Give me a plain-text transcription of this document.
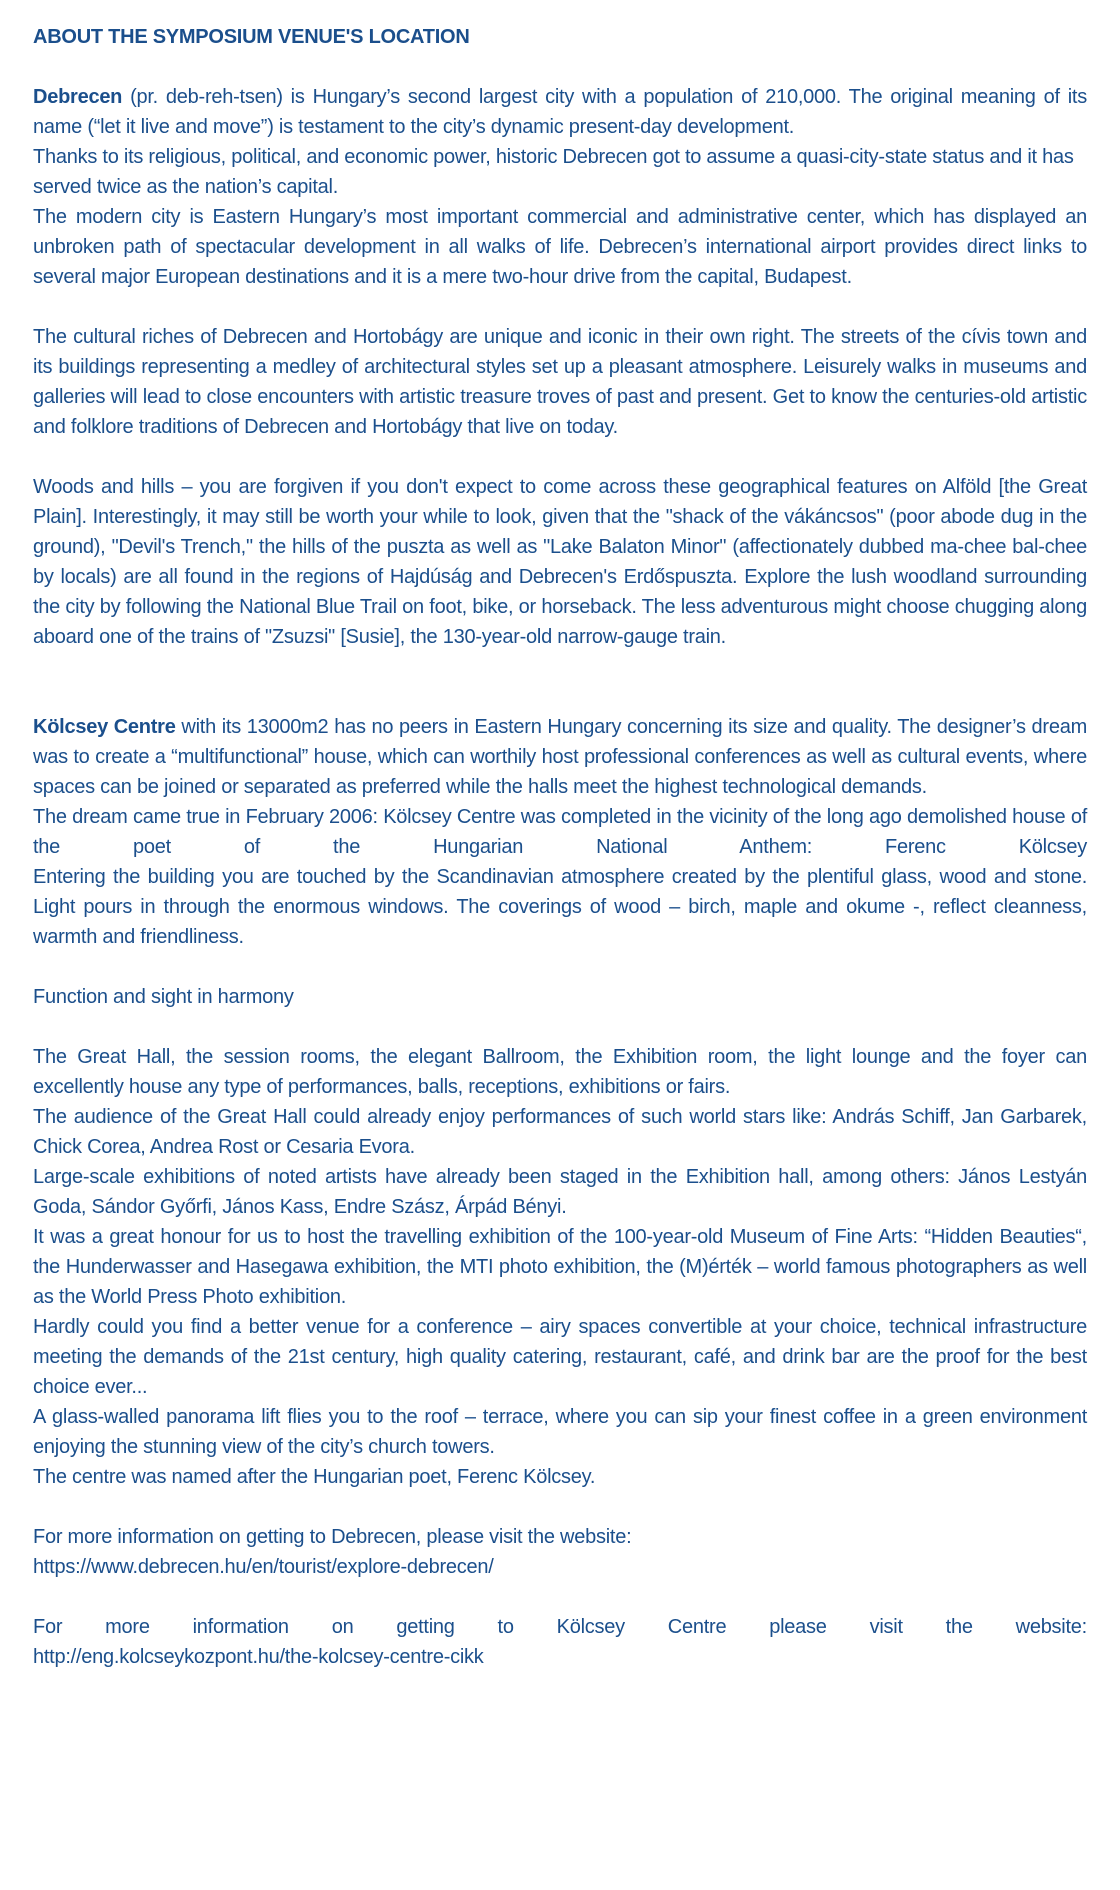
ABOUT THE SYMPOSIUM VENUE'S LOCATION

Debrecen (pr. deb-reh-tsen) is Hungary’s second largest city with a population of 210,000. The original meaning of its name (“let it live and move”) is testament to the city’s dynamic present-day development.

Thanks to its religious, political, and economic power, historic Debrecen got to assume a quasi-city-state status and it has served twice as the nation’s capital.

The modern city is Eastern Hungary’s most important commercial and administrative center, which has displayed an unbroken path of spectacular development in all walks of life. Debrecen’s international airport provides direct links to several major European destinations and it is a mere two-hour drive from the capital, Budapest.

The cultural riches of Debrecen and Hortobágy are unique and iconic in their own right. The streets of the cívis town and its buildings representing a medley of architectural styles set up a pleasant atmosphere. Leisurely walks in museums and galleries will lead to close encounters with artistic treasure troves of past and present. Get to know the centuries-old artistic and folklore traditions of Debrecen and Hortobágy that live on today.

Woods and hills – you are forgiven if you don't expect to come across these geographical features on Alföld [the Great Plain]. Interestingly, it may still be worth your while to look, given that the "shack of the vákáncsos" (poor abode dug in the ground), "Devil's Trench," the hills of the puszta as well as "Lake Balaton Minor" (affectionately dubbed ma-chee bal-chee by locals) are all found in the regions of Hajdúság and Debrecen's Erdőspuszta. Explore the lush woodland surrounding the city by following the National Blue Trail on foot, bike, or horseback. The less adventurous might choose chugging along aboard one of the trains of "Zsuzsi" [Susie], the 130-year-old narrow-gauge train.

Kölcsey Centre with its 13000m2 has no peers in Eastern Hungary concerning its size and quality. The designer’s dream was to create a “multifunctional” house, which can worthily host professional conferences as well as cultural events, where spaces can be joined or separated as preferred while the halls meet the highest technological demands.

The dream came true in February 2006: Kölcsey Centre was completed in the vicinity of the long ago demolished house of the poet of the Hungarian National Anthem: Ferenc Kölcsey

Entering the building you are touched by the Scandinavian atmosphere created by the plentiful glass, wood and stone. Light pours in through the enormous windows. The coverings of wood – birch, maple and okume -, reflect cleanness, warmth and friendliness.

Function and sight in harmony

The Great Hall, the session rooms, the elegant Ballroom, the Exhibition room, the light lounge and the foyer can excellently house any type of performances, balls, receptions, exhibitions or fairs.

The audience of the Great Hall could already enjoy performances of such world stars like: András Schiff, Jan Garbarek, Chick Corea, Andrea Rost or Cesaria Evora.

Large-scale exhibitions of noted artists have already been staged in the Exhibition hall, among others: János Lestyán Goda, Sándor Győrfi, János Kass, Endre Szász, Árpád Bényi.

It was a great honour for us to host the travelling exhibition of the 100-year-old Museum of Fine Arts: “Hidden Beauties“, the Hunderwasser and Hasegawa exhibition, the MTI photo exhibition, the (M)érték – world famous photographers as well as the World Press Photo exhibition.

Hardly could you find a better venue for a conference – airy spaces convertible at your choice, technical infrastructure meeting the demands of the 21st century, high quality catering, restaurant, café, and drink bar are the proof for the best choice ever...

A glass-walled panorama lift flies you to the roof – terrace, where you can sip your finest coffee in a green environment enjoying the stunning view of the city’s church towers.

The centre was named after the Hungarian poet, Ferenc Kölcsey.

For more information on getting to Debrecen, please visit the website:

https://www.debrecen.hu/en/tourist/explore-debrecen/

For more information on getting to Kölcsey Centre please visit the website:

http://eng.kolcseykozpont.hu/the-kolcsey-centre-cikk
